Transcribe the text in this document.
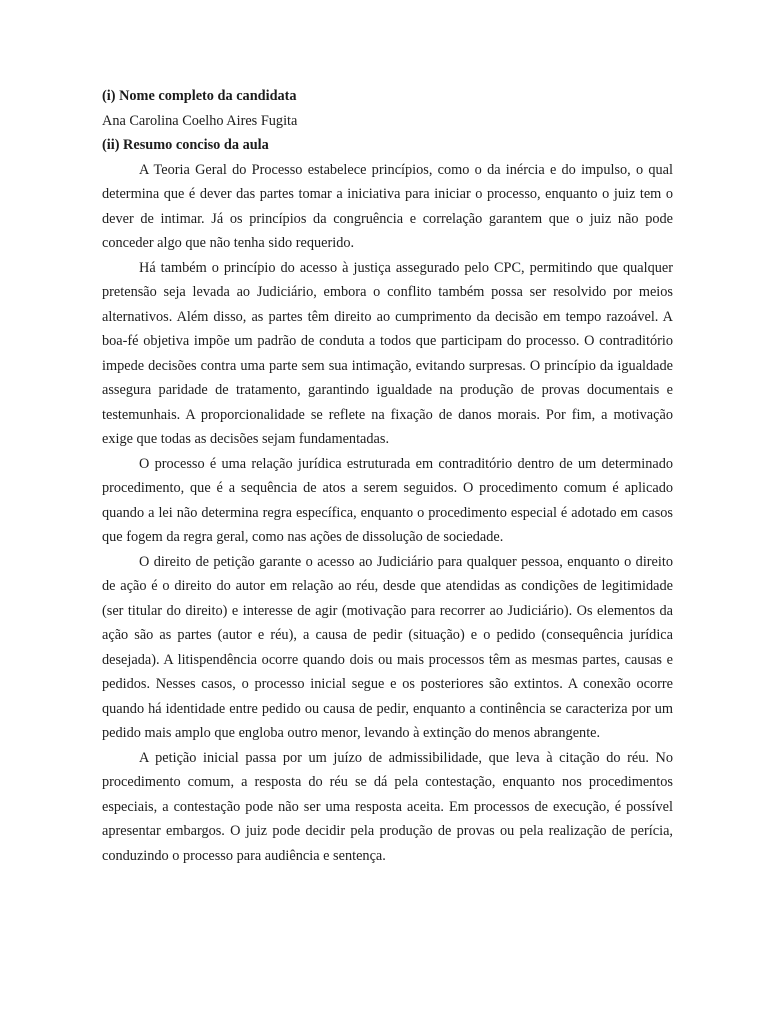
(i) Nome completo da candidata

Ana Carolina Coelho Aires Fugita

(ii) Resumo conciso da aula

A Teoria Geral do Processo estabelece princípios, como o da inércia e do impulso, o qual determina que é dever das partes tomar a iniciativa para iniciar o processo, enquanto o juiz tem o dever de intimar. Já os princípios da congruência e correlação garantem que o juiz não pode conceder algo que não tenha sido requerido.

Há também o princípio do acesso à justiça assegurado pelo CPC, permitindo que qualquer pretensão seja levada ao Judiciário, embora o conflito também possa ser resolvido por meios alternativos. Além disso, as partes têm direito ao cumprimento da decisão em tempo razoável. A boa-fé objetiva impõe um padrão de conduta a todos que participam do processo. O contraditório impede decisões contra uma parte sem sua intimação, evitando surpresas. O princípio da igualdade assegura paridade de tratamento, garantindo igualdade na produção de provas documentais e testemunhais. A proporcionalidade se reflete na fixação de danos morais. Por fim, a motivação exige que todas as decisões sejam fundamentadas.

O processo é uma relação jurídica estruturada em contraditório dentro de um determinado procedimento, que é a sequência de atos a serem seguidos. O procedimento comum é aplicado quando a lei não determina regra específica, enquanto o procedimento especial é adotado em casos que fogem da regra geral, como nas ações de dissolução de sociedade.

O direito de petição garante o acesso ao Judiciário para qualquer pessoa, enquanto o direito de ação é o direito do autor em relação ao réu, desde que atendidas as condições de legitimidade (ser titular do direito) e interesse de agir (motivação para recorrer ao Judiciário). Os elementos da ação são as partes (autor e réu), a causa de pedir (situação) e o pedido (consequência jurídica desejada). A litispendência ocorre quando dois ou mais processos têm as mesmas partes, causas e pedidos. Nesses casos, o processo inicial segue e os posteriores são extintos. A conexão ocorre quando há identidade entre pedido ou causa de pedir, enquanto a continência se caracteriza por um pedido mais amplo que engloba outro menor, levando à extinção do menos abrangente.

A petição inicial passa por um juízo de admissibilidade, que leva à citação do réu. No procedimento comum, a resposta do réu se dá pela contestação, enquanto nos procedimentos especiais, a contestação pode não ser uma resposta aceita. Em processos de execução, é possível apresentar embargos. O juiz pode decidir pela produção de provas ou pela realização de perícia, conduzindo o processo para audiência e sentença.
